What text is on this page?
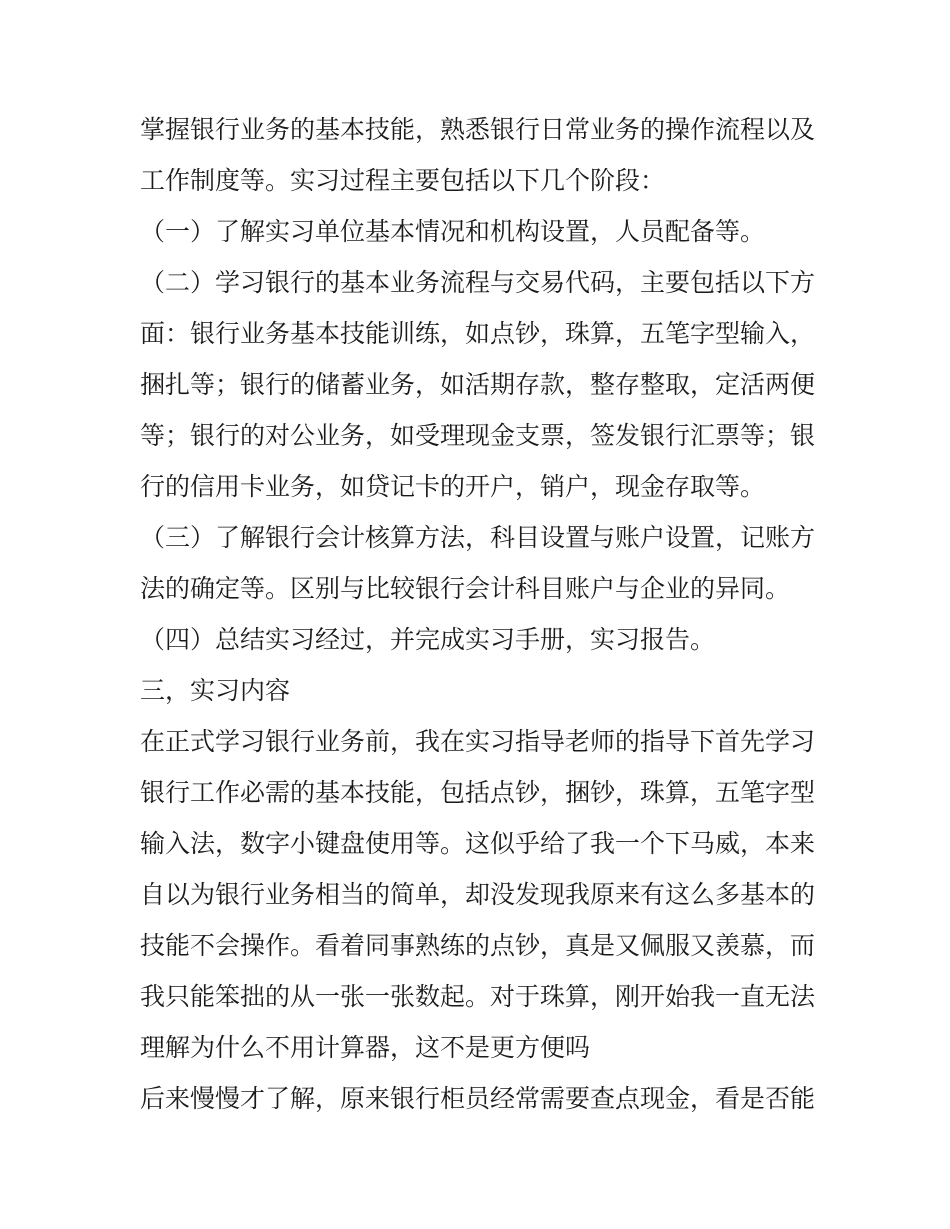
掌握银行业务的基本技能，熟悉银行日常业务的操作流程以及
工作制度等。实习过程主要包括以下几个阶段：
（一）了解实习单位基本情况和机构设置，人员配备等。
（二）学习银行的基本业务流程与交易代码，主要包括以下方
面：银行业务基本技能训练，如点钞，珠算，五笔字型输入，
捆扎等；银行的储蓄业务，如活期存款，整存整取，定活两便
等；银行的对公业务，如受理现金支票，签发银行汇票等；银
行的信用卡业务，如贷记卡的开户，销户，现金存取等。
（三）了解银行会计核算方法，科目设置与账户设置，记账方
法的确定等。区别与比较银行会计科目账户与企业的异同。
（四）总结实习经过，并完成实习手册，实习报告。
三，实习内容
在正式学习银行业务前，我在实习指导老师的指导下首先学习
银行工作必需的基本技能，包括点钞，捆钞，珠算，五笔字型
输入法，数字小键盘使用等。这似乎给了我一个下马威，本来
自以为银行业务相当的简单，却没发现我原来有这么多基本的
技能不会操作。看着同事熟练的点钞，真是又佩服又羡慕，而
我只能笨拙的从一张一张数起。对于珠算，刚开始我一直无法
理解为什么不用计算器，这不是更方便吗
后来慢慢才了解，原来银行柜员经常需要查点现金，看是否能
